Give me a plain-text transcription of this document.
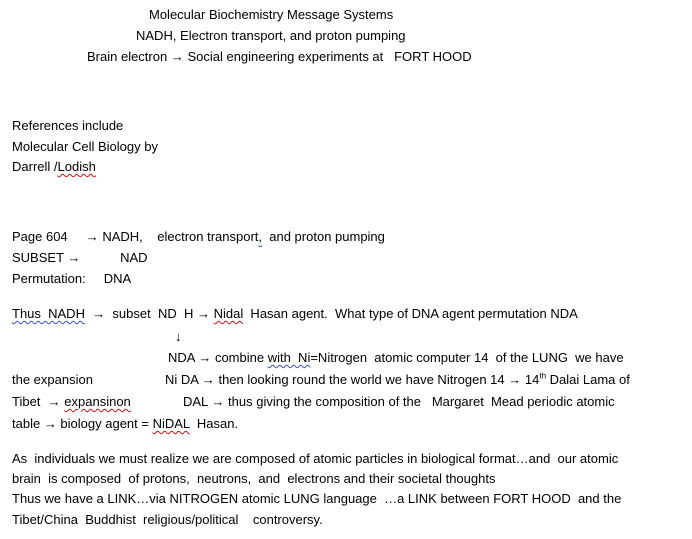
Molecular Biochemistry Message Systems
NADH, Electron transport, and proton pumping
Brain electron → Social engineering experiments at   FORT HOOD
References include
Molecular Cell Biology by
Darrell /Lodish
Page 604     → NADH,    electron transport,  and proton pumping
SUBSET →           NAD
Permutation:     DNA
Thus  NADH →  subset  ND  H → Nidal  Hasan agent.  What type of DNA agent permutation NDA
↓
NDA → combine with  Ni=Nitrogen  atomic computer 14  of the LUNG  we have
the expansion	Ni DA → then looking round the world we have Nitrogen 14 → 14th Dalai Lama of
Tibet  → expansinon	DAL → thus giving the composition of the   Margaret  Mead periodic atomic
table → biology agent = NiDAL  Hasan.
As  individuals we must realize we are composed of atomic particles in biological format…and  our atomic
brain  is composed  of protons,  neutrons,  and  electrons and their societal thoughts
Thus we have a LINK…via NITROGEN atomic LUNG language  …a LINK between FORT HOOD  and the
Tibet/China  Buddhist  religious/political    controversy.
